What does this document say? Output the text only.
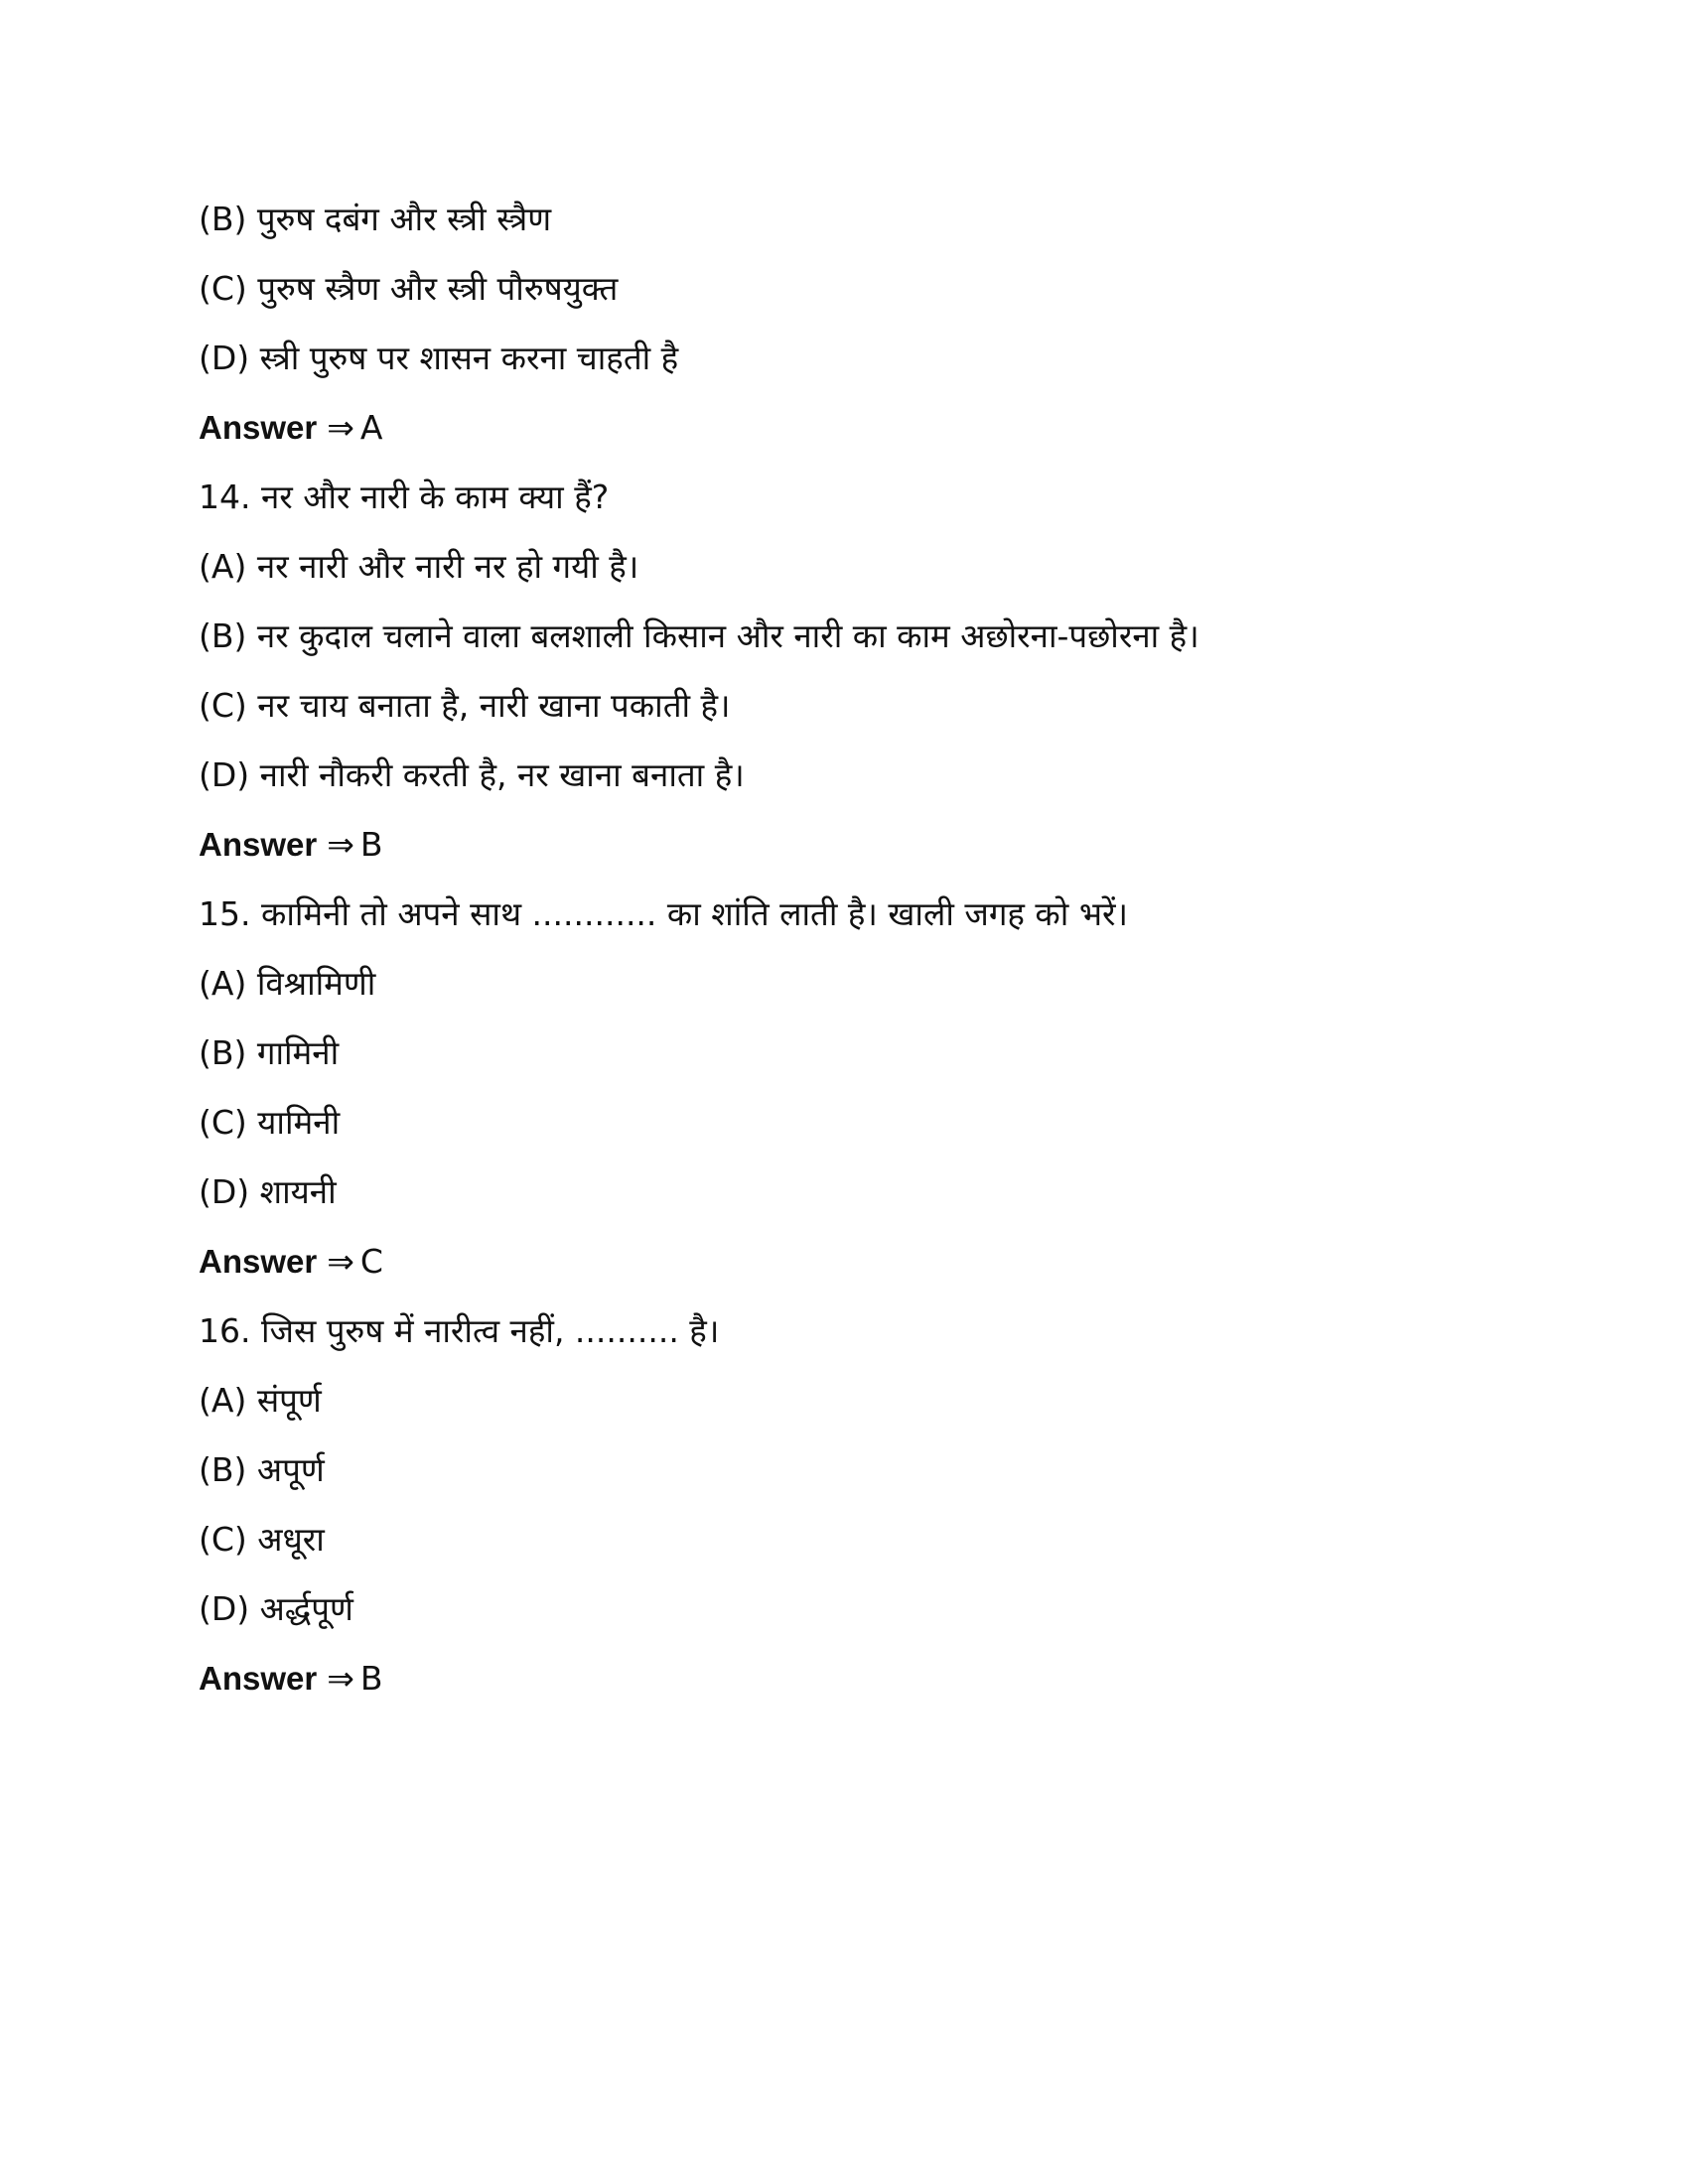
(B) पुरुष दबंग और स्त्री स्त्रैण
(C) पुरुष स्त्रैण और स्त्री पौरुषयुक्त
(D) स्त्री पुरुष पर शासन करना चाहती है
Answer ⇒ A
14. नर और नारी के काम क्या हैं?
(A) नर नारी और नारी नर हो गयी है।
(B) नर कुदाल चलाने वाला बलशाली किसान और नारी का काम अछोरना-पछोरना है।
(C) नर चाय बनाता है, नारी खाना पकाती है।
(D) नारी नौकरी करती है, नर खाना बनाता है।
Answer ⇒ B
15. कामिनी तो अपने साथ ............ का शांति लाती है। खाली जगह को भरें।
(A) विश्रामिणी
(B) गामिनी
(C) यामिनी
(D) शायनी
Answer ⇒ C
16. जिस पुरुष में नारीत्व नहीं, .......... है।
(A) संपूर्ण
(B) अपूर्ण
(C) अधूरा
(D) अर्द्धपूर्ण
Answer ⇒ B
